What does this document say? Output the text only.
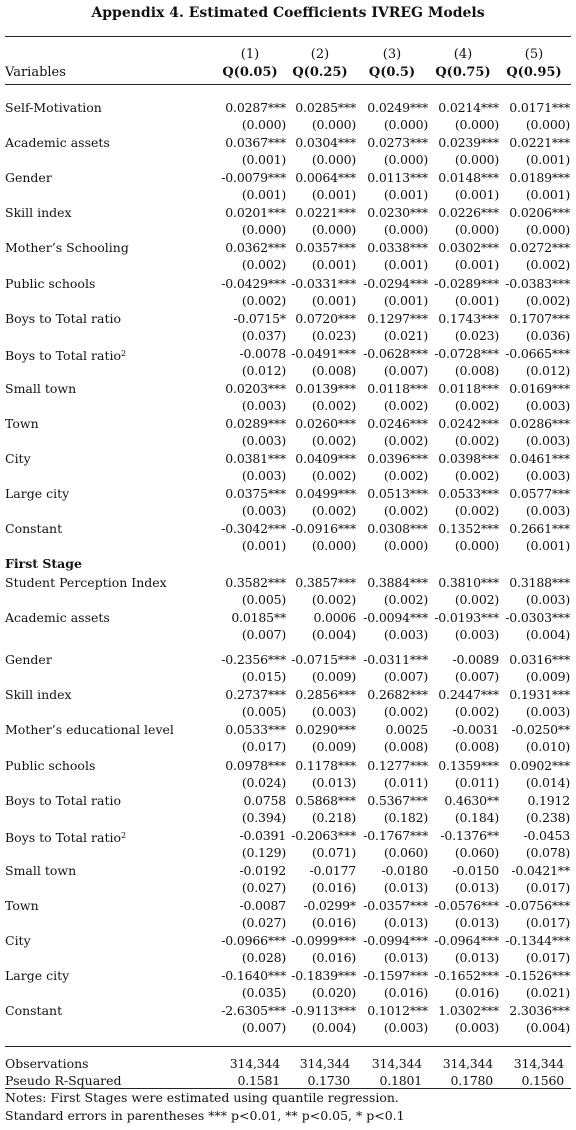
Appendix 4. Estimated Coefficients IVREG Models
Variables
(1)	(2)	(3)	(4)	(5)
Q(0.05)	Q(0.25)	Q(0.5)	Q(0.75)	Q(0.95)
Self-Motivation	0.0287*** 0.0285*** 0.0249*** 0.0214*** 0.0171***
(0.000)	(0.000)	(0.000)	(0.000)	(0.000)
Academic assets	0.0367*** 0.0304*** 0.0273*** 0.0239*** 0.0221***
(0.001)	(0.000)	(0.000)	(0.000)	(0.001)
Gender	-0.0079*** 0.0064*** 0.0113*** 0.0148*** 0.0189***
(0.001)	(0.001)	(0.001)	(0.001)	(0.001)
Skill index	0.0201*** 0.0221*** 0.0230*** 0.0226*** 0.0206***
(0.000)	(0.000)	(0.000)	(0.000)	(0.000)
Mother’s Schooling	0.0362*** 0.0357*** 0.0338*** 0.0302*** 0.0272***
(0.002)	(0.001)	(0.001)	(0.001)	(0.002)
Public schools	-0.0429*** -0.0331*** -0.0294*** -0.0289*** -0.0383***
(0.002)	(0.001)	(0.001)	(0.001)	(0.002)
Boys to Total ratio	-0.0715* 0.0720*** 0.1297*** 0.1743*** 0.1707***
(0.037)	(0.023)	(0.021)	(0.023)	(0.036)
Boys to Total ratio$^2$	-0.0078 -0.0491*** -0.0628*** -0.0728*** -0.0665***
(0.012)	(0.008)	(0.007)	(0.008)	(0.012)
Small town	0.0203*** 0.0139*** 0.0118*** 0.0118*** 0.0169***
(0.003)	(0.002)	(0.002)	(0.002)	(0.003)
Town	0.0289*** 0.0260*** 0.0246*** 0.0242*** 0.0286***
(0.003)	(0.002)	(0.002)	(0.002)	(0.003)
City	0.0381*** 0.0409*** 0.0396*** 0.0398*** 0.0461***
(0.003)	(0.002)	(0.002)	(0.002)	(0.003)
Large city	0.0375*** 0.0499*** 0.0513*** 0.0533*** 0.0577***
(0.003)	(0.002)	(0.002)	(0.002)	(0.003)
Constant	-0.3042*** -0.0916*** 0.0308*** 0.1352*** 0.2661***
(0.001)	(0.000)	(0.000)	(0.000)	(0.001)
First Stage
Student Perception Index	0.3582*** 0.3857*** 0.3884*** 0.3810*** 0.3188***
(0.005)	(0.002)	(0.002)	(0.002)	(0.003)
Academic assets	0.0185**	0.0006 -0.0094*** -0.0193*** -0.0303***
(0.007)	(0.004)	(0.003)	(0.003)	(0.004)
Gender	-0.2356*** -0.0715*** -0.0311***	-0.0089 0.0316***
(0.015)	(0.009)	(0.007)	(0.007)	(0.009)
Skill index	0.2737*** 0.2856*** 0.2682*** 0.2447*** 0.1931***
(0.005)	(0.003)	(0.002)	(0.002)	(0.003)
Mother’s educational level	0.0533*** 0.0290***	0.0025	-0.0031 -0.0250**
(0.017)	(0.009)	(0.008)	(0.008)	(0.010)
Public schools	0.0978*** 0.1178*** 0.1277*** 0.1359*** 0.0902***
(0.024)	(0.013)	(0.011)	(0.011)	(0.014)
Boys to Total ratio	0.0758 0.5868*** 0.5367***	0.4630**	0.1912
(0.394)	(0.218)	(0.182)	(0.184)	(0.238)
Boys to Total ratio$^2$	-0.0391 -0.2063*** -0.1767*** -0.1376**	-0.0453
(0.129)	(0.071)	(0.060)	(0.060)	(0.078)
Small town	-0.0192	-0.0177	-0.0180	-0.0150 -0.0421**
(0.027)	(0.016)	(0.013)	(0.013)	(0.017)
Town	-0.0087	-0.0299* -0.0357*** -0.0576*** -0.0756***
(0.027)	(0.016)	(0.013)	(0.013)	(0.017)
City	-0.0966*** -0.0999*** -0.0994*** -0.0964*** -0.1344***
(0.028)	(0.016)	(0.013)	(0.013)	(0.017)
Large city	-0.1640*** -0.1839*** -0.1597*** -0.1652*** -0.1526***
(0.035)	(0.020)	(0.016)	(0.016)	(0.021)
Constant	-2.6305*** -0.9113*** 0.1012*** 1.0302*** 2.3036***
(0.007)	(0.004)	(0.003)	(0.003)	(0.004)
Observations	314,344	314,344	314,344	314,344	314,344
Pseudo R-Squared	0.1581	0.1730	0.1801	0.1780	0.1560
Notes: First Stages were estimated using quantile regression.
Standard errors in parentheses *** p<0.01, ** p<0.05, * p<0.1
